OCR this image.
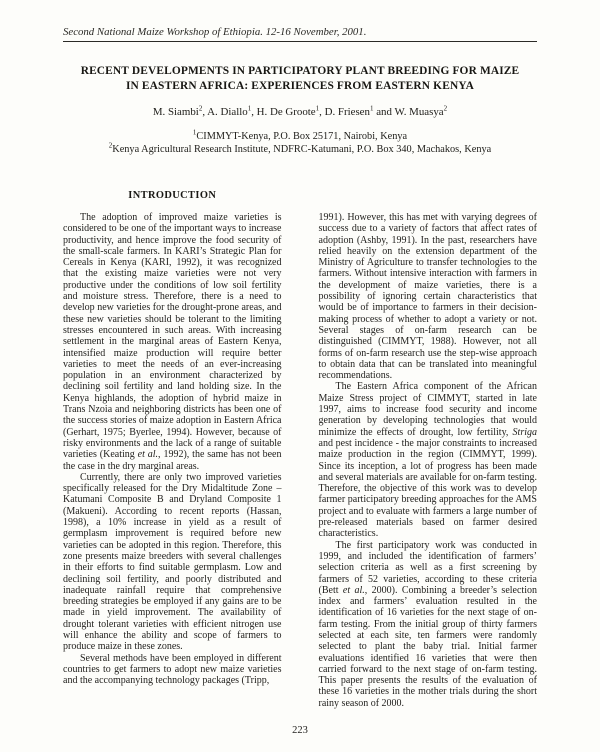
Second National Maize Workshop of Ethiopia. 12-16 November, 2001.
RECENT DEVELOPMENTS IN PARTICIPATORY PLANT BREEDING FOR MAIZE
IN EASTERN AFRICA: EXPERIENCES FROM EASTERN KENYA
M. Siambi$^2$, A. Diallo$^1$, H. De Groote$^1$, D. Friesen$^1$ and W. Muasya$^2$
$^1$CIMMYT-Kenya, P.O. Box 25171, Nairobi, Kenya
$^2$Kenya Agricultural Research Institute, NDFRC-Katumani, P.O. Box 340, Machakos, Kenya
INTRODUCTION

The adoption of improved maize varieties is considered to be one of the important ways to increase productivity, and hence improve the food security of the small-scale farmers. In KARI’s Strategic Plan for Cereals in Kenya (KARI, 1992), it was recognized that the existing maize varieties were not very productive under the conditions of low soil fertility and moisture stress. Therefore, there is a need to develop new varieties for the drought-prone areas, and these new varieties should be tolerant to the limiting stresses encountered in such areas. With increasing settlement in the marginal areas of Eastern Kenya, intensified maize production will require better varieties to meet the needs of an ever-increasing population in an environment characterized by declining soil fertility and land holding size. In the Kenya highlands, the adoption of hybrid maize in Trans Nzoia and neighboring districts has been one of the success stories of maize adoption in Eastern Africa (Gerhart, 1975; Byerlee, 1994). However, because of risky environments and the lack of a range of suitable varieties (Keating et al., 1992), the same has not been the case in the dry marginal areas.

Currently, there are only two improved varieties specifically released for the Dry Midaltitude Zone – Katumani Composite B and Dryland Composite 1 (Makueni). According to recent reports (Hassan, 1998), a 10% increase in yield as a result of germplasm improvement is required before new varieties can be adopted in this region. Therefore, this zone presents maize breeders with several challenges in their efforts to find suitable germplasm. Low and declining soil fertility, and poorly distributed and inadequate rainfall require that comprehensive breeding strategies be employed if any gains are to be made in yield improvement. The availability of drought tolerant varieties with efficient nitrogen use will enhance the ability and scope of farmers to produce maize in these zones.

Several methods have been employed in different countries to get farmers to adopt new maize varieties and the accompanying technology packages (Tripp,

1991). However, this has met with varying degrees of success due to a variety of factors that affect rates of adoption (Ashby, 1991). In the past, researchers have relied heavily on the extension department of the Ministry of Agriculture to transfer technologies to the farmers. Without intensive interaction with farmers in the development of maize varieties, there is a possibility of ignoring certain characteristics that would be of importance to farmers in their decision-making process of whether to adopt a variety or not. Several stages of on-farm research can be distinguished (CIMMYT, 1988). However, not all forms of on-farm research use the step-wise approach to obtain data that can be translated into meaningful recommendations.

The Eastern Africa component of the African Maize Stress project of CIMMYT, started in late 1997, aims to increase food security and income generation by developing technologies that would minimize the effects of drought, low fertility, Striga and pest incidence - the major constraints to increased maize production in the region (CIMMYT, 1999). Since its inception, a lot of progress has been made and several materials are available for on-farm testing. Therefore, the objective of this work was to develop farmer participatory breeding approaches for the AMS project and to evaluate with farmers a large number of pre-released materials based on farmer desired characteristics.

The first participatory work was conducted in 1999, and included the identification of farmers’ selection criteria as well as a first screening by farmers of 52 varieties, according to these criteria (Bett et al., 2000). Combining a breeder’s selection index and farmers’ evaluation resulted in the identification of 16 varieties for the next stage of on-farm testing. From the initial group of thirty farmers selected at each site, ten farmers were randomly selected to plant the baby trial. Initial farmer evaluations identified 16 varieties that were then carried forward to the next stage of on-farm testing. This paper presents the results of the evaluation of these 16 varieties in the mother trials during the short rainy season of 2000.

223
